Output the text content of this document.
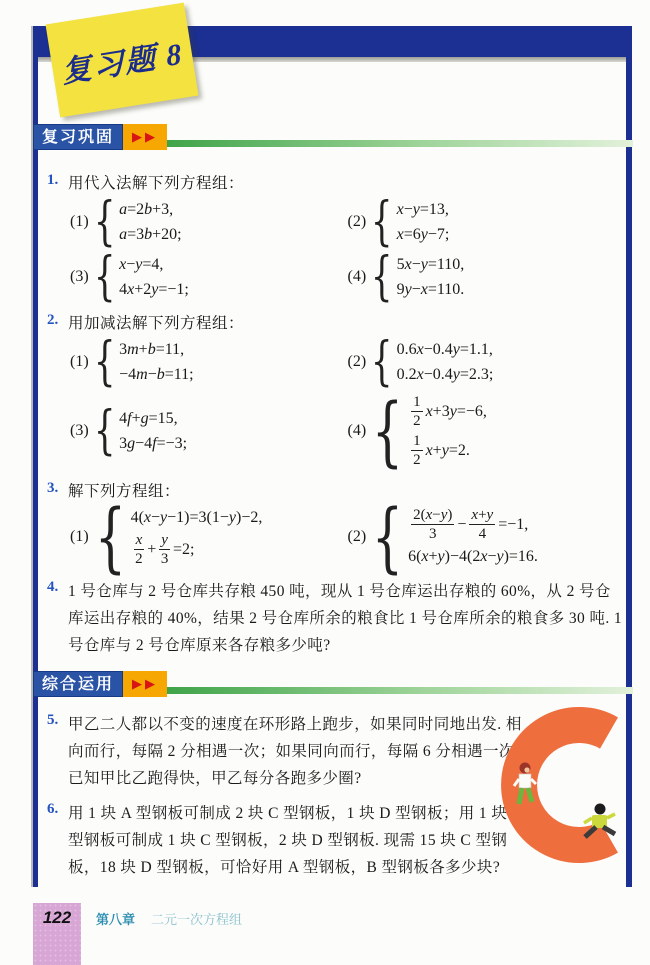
复习题 8
复习巩固	▶▶
1. 用代入法解下列方程组：
(1) { a=2b+3,
a=3b+20;
(2) { x−y=13,
x=6y−7;
(3) { x−y=4,
4x+2y=−1;
(4) { 5x−y=110,
9y−x=110.
2. 用加减法解下列方程组：
(1) { 3m+b=11,
−4m−b=11;
(2) { 0.6x−0.4y=1.1,
0.2x−0.4y=2.3;
(3) { 4f+g=15,
3g−4f=−3;
(4) { $\frac{1}{2} x+3y=-6$,
$\frac{1}{2} x+y=2$.
3. 解下列方程组：
(1) { 4(x−y−1)=3(1−y)−2,
$\frac{x}{2} + \frac{y}{3} =2$;
(2) { $\frac{2(x-y)}{3} - \frac{x+y}{4} =-1$,
6(x+y)−4(2x−y)=16.
4. 1 号仓库与 2 号仓库共存粮 450 吨，现从 1 号仓库运出存粮的 60%，从 2 号仓库运出存粮的 40%，结果 2 号仓库所余的粮食比 1 号仓库所余的粮食多 30 吨. 1 号仓库与 2 号仓库原来各存粮多少吨?
综合运用	▶▶
5. 甲乙二人都以不变的速度在环形路上跑步，如果同时同地出发. 相向而行，每隔 2 分相遇一次；如果同向而行，每隔 6 分相遇一次. 已知甲比乙跑得快，甲乙每分各跑多少圈?
6. 用 1 块 A 型钢板可制成 2 块 C 型钢板，1 块 D 型钢板；用 1 块 B 型钢板可制成 1 块 C 型钢板，2 块 D 型钢板. 现需 15 块 C 型钢板，18 块 D 型钢板，可恰好用 A 型钢板，B 型钢板各多少块?
122	第八章 二元一次方程组
